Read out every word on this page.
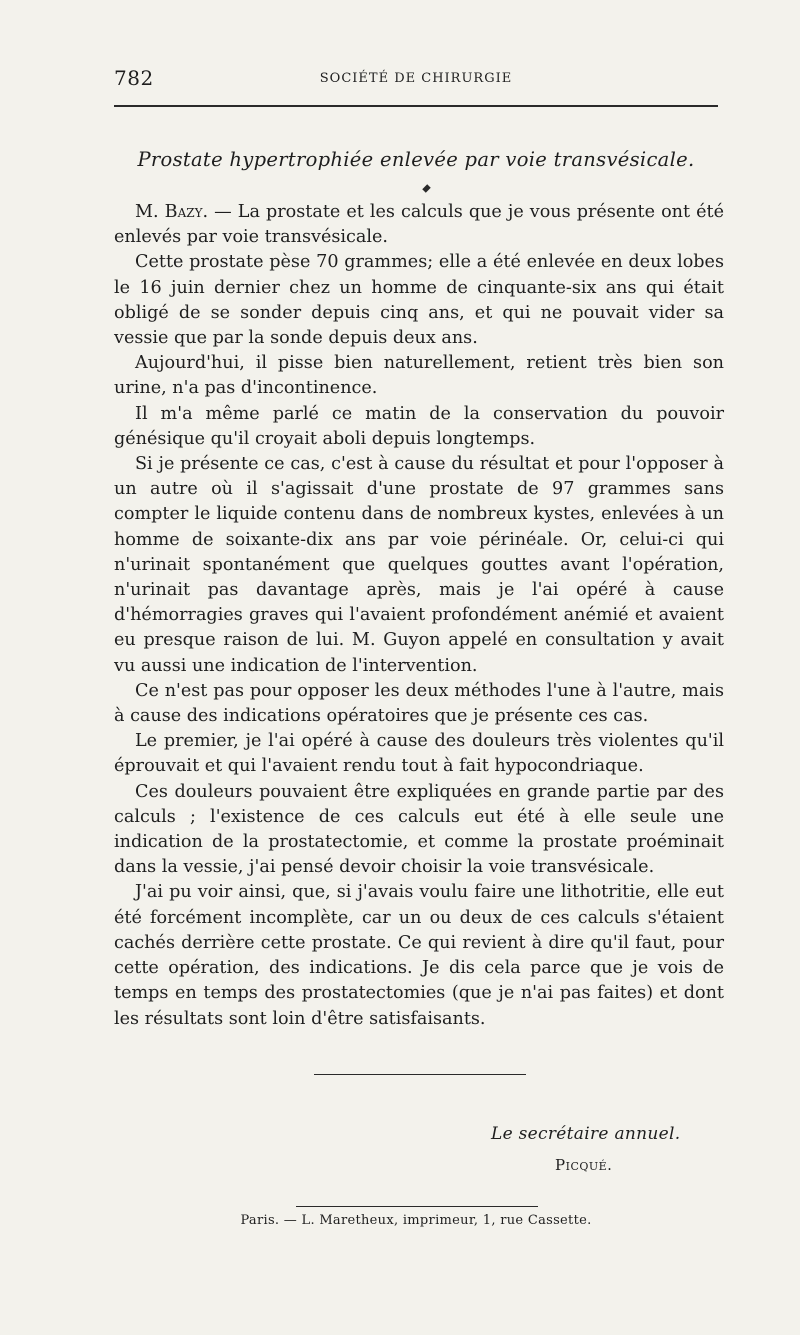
782	SOCIÉTÉ DE CHIRURGIE
Prostate hypertrophiée enlevée par voie transvésicale.

M. Bazy. — La prostate et les calculs que je vous présente ont été enlevés par voie transvésicale.

Cette prostate pèse 70 grammes; elle a été enlevée en deux lobes le 16 juin dernier chez un homme de cinquante-six ans qui était obligé de se sonder depuis cinq ans, et qui ne pouvait vider sa vessie que par la sonde depuis deux ans.

Aujourd'hui, il pisse bien naturellement, retient très bien son urine, n'a pas d'incontinence.

Il m'a même parlé ce matin de la conservation du pouvoir génésique qu'il croyait aboli depuis longtemps.

Si je présente ce cas, c'est à cause du résultat et pour l'opposer à un autre où il s'agissait d'une prostate de 97 grammes sans compter le liquide contenu dans de nombreux kystes, enlevées à un homme de soixante-dix ans par voie périnéale. Or, celui-ci qui n'urinait spontanément que quelques gouttes avant l'opération, n'urinait pas davantage après, mais je l'ai opéré à cause d'hémorragies graves qui l'avaient profondément anémié et avaient eu presque raison de lui. M. Guyon appelé en consultation y avait vu aussi une indication de l'intervention.

Ce n'est pas pour opposer les deux méthodes l'une à l'autre, mais à cause des indications opératoires que je présente ces cas.

Le premier, je l'ai opéré à cause des douleurs très violentes qu'il éprouvait et qui l'avaient rendu tout à fait hypocondriaque.

Ces douleurs pouvaient être expliquées en grande partie par des calculs ; l'existence de ces calculs eut été à elle seule une indication de la prostatectomie, et comme la prostate proéminait dans la vessie, j'ai pensé devoir choisir la voie transvésicale.

J'ai pu voir ainsi, que, si j'avais voulu faire une lithotritie, elle eut été forcément incomplète, car un ou deux de ces calculs s'étaient cachés derrière cette prostate. Ce qui revient à dire qu'il faut, pour cette opération, des indications. Je dis cela parce que je vois de temps en temps des prostatectomies (que je n'ai pas faites) et dont les résultats sont loin d'être satisfaisants.

Le secrétaire annuel.
Picqué.
Paris. — L. Maretheux, imprimeur, 1, rue Cassette.
